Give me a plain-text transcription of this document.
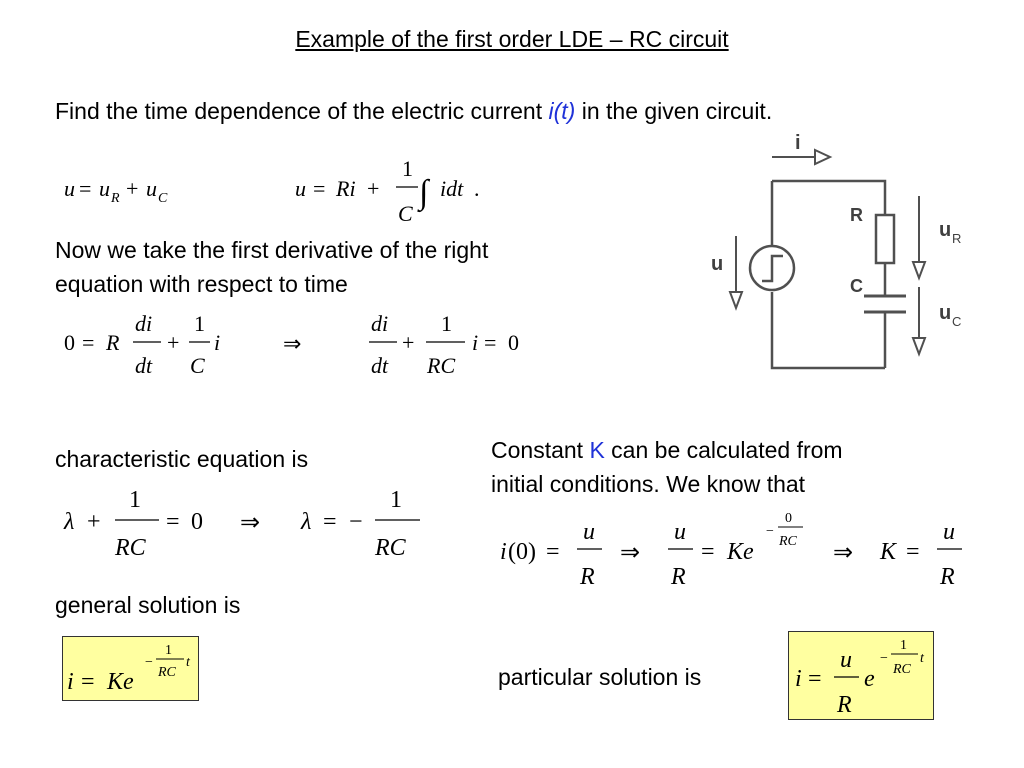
Example of the first order LDE – RC circuit
Find the time dependence of the electric current i(t) in the given circuit.
Now we take the first derivative of the right
equation with respect to time
characteristic equation is
general solution is
Constant K can be calculated from
initial conditions. We know that
particular solution is
u = u R + u C	u = Ri +
1
C
∫ idt .
0 = R
di
dt
+
1
C
i	⇒
di
dt
+
1
RC
i = 0
λ +
1
RC
= 0 ⇒ λ = −
1
RC	i (0) =
u
R
⇒
u
R
= Ke
−
0
RC ⇒ K =
u
R
i = Ke
−
1
RC
t
i =
u
R
e
−
1
RC
t
i
R
C
u
u R
u C
